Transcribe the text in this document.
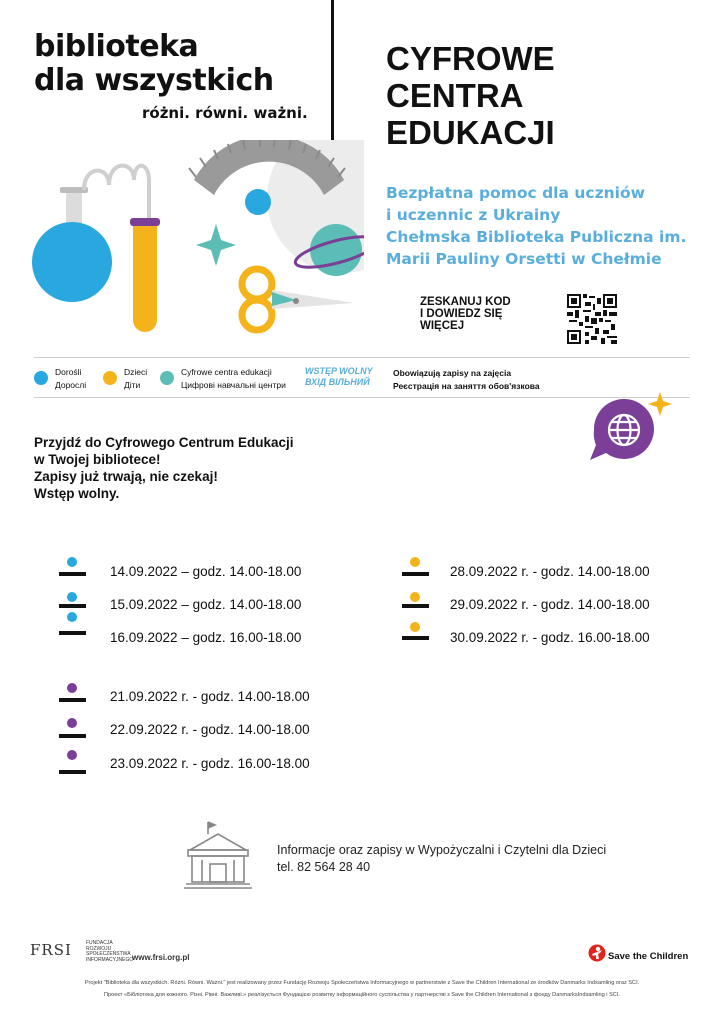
biblioteka
dla wszystkich
różni. równi. ważni.
CYFROWE
CENTRA
EDUKACJI
Bezpłatna pomoc dla uczniów
i uczennic z Ukrainy
Chełmska Biblioteka Publiczna im.
Marii Pauliny Orsetti w Chełmie
ZESKANUJ KOD
I DOWIEDZ SIĘ
WIĘCEJ
Dorośli
Дорослі
Dzieci
Діти
Cyfrowe centra edukacji
Цифрові навчальні центри
WSTĘP WOLNY
ВХІД ВІЛЬНИЙ
Obowiązują zapisy na zajęcia
Реєстрація на заняття обов'язкова
Przyjdź do Cyfrowego Centrum Edukacji
w Twojej bibliotece!
Zapisy już trwają, nie czekaj!
Wstęp wolny.
14.09.2022 – godz. 14.00-18.00
15.09.2022 – godz. 14.00-18.00
16.09.2022 – godz. 16.00-18.00
28.09.2022 r. - godz. 14.00-18.00
29.09.2022 r. - godz. 14.00-18.00
30.09.2022 r. - godz. 16.00-18.00
21.09.2022 r. - godz. 14.00-18.00
22.09.2022 r. - godz. 14.00-18.00
23.09.2022 r. - godz. 16.00-18.00
Informacje oraz zapisy w Wypożyczalni i Czytelni dla Dzieci
tel. 82 564 28 40
FRSI	FUNDACJA
ROZWOJU
SPOŁECZEŃSTWA
INFORMACYJNEGO
www.frsi.org.pl	Save the Children
Projekt "Biblioteka dla wszystkich. Różni. Równi. Ważni." jest realizowany przez Fundację Rozwoju Społeczeństwa Informacyjnego w partnerstwie z Save the Children International ze środków Danmarks Indsamling oraz SCI.
Проект «Бібліотека для кожного. Різні. Рівні. Важливі.» реалізується Фундацією розвитку інформаційного суспільства у партнерстві з Save the Children International з фонду DanmarksIndsamling і SCI.
